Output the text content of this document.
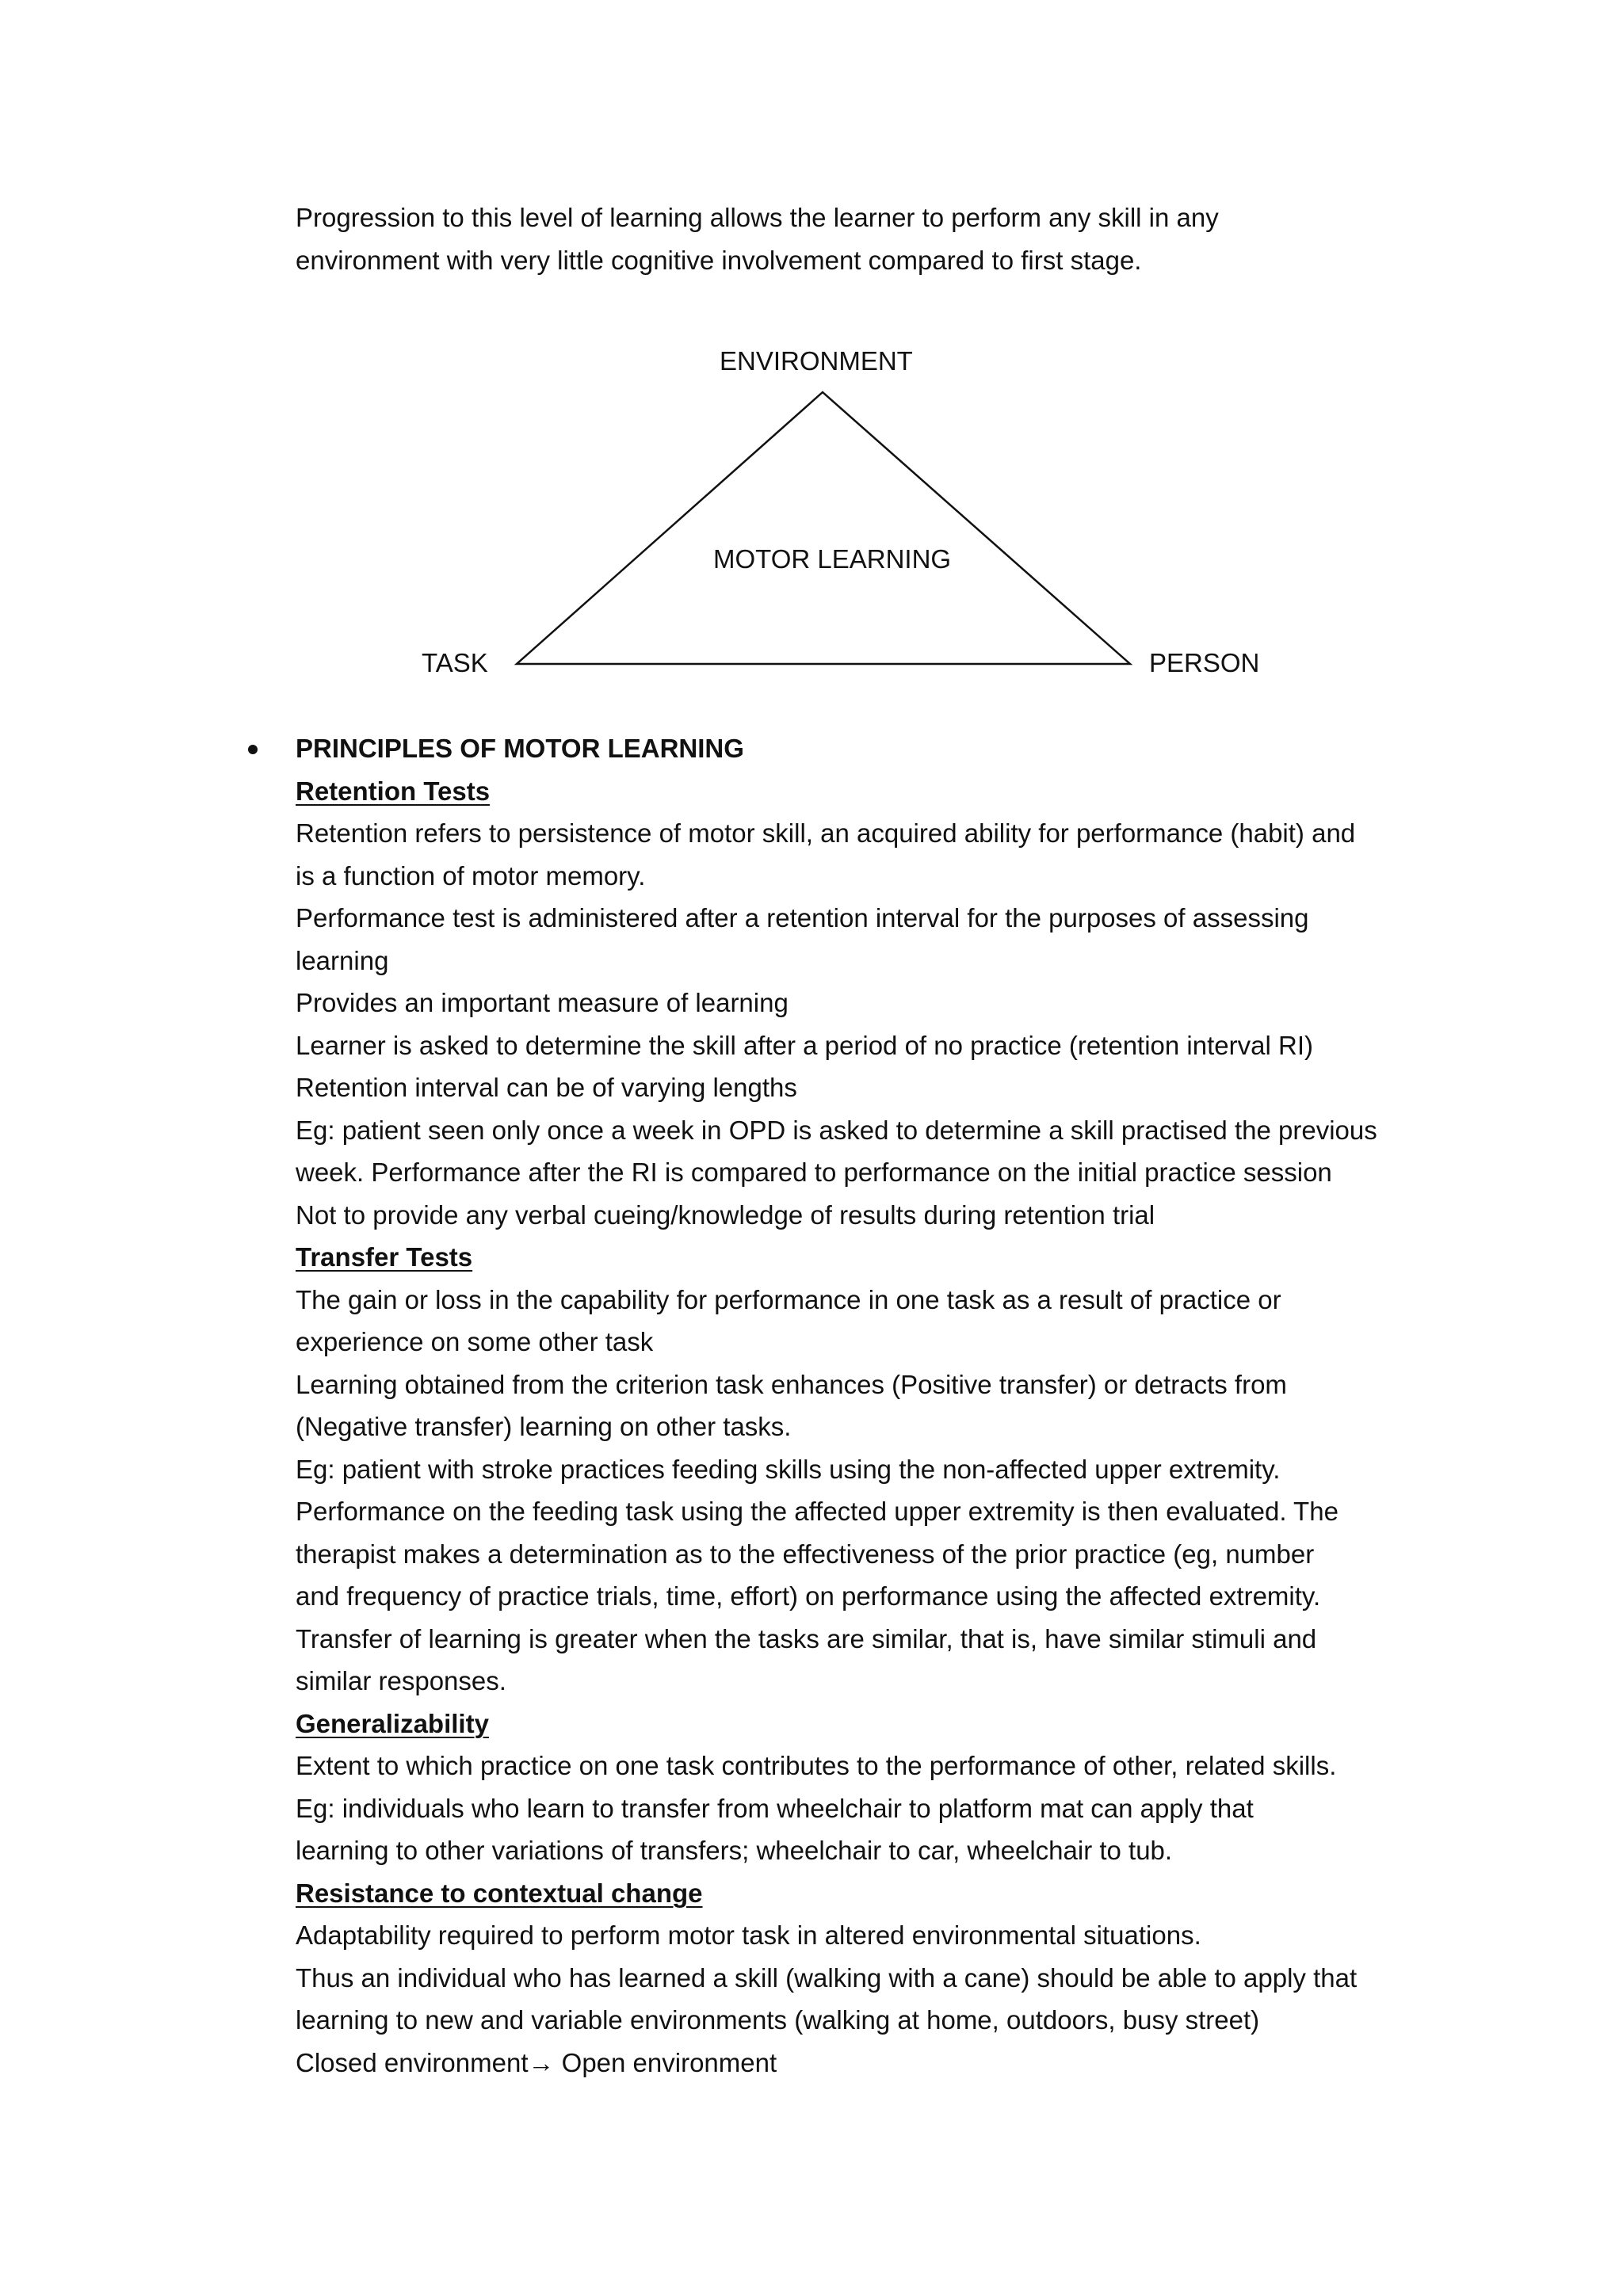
Progression to this level of learning allows the learner to perform any skill in any

environment with very little cognitive involvement compared to first stage.

ENVIRONMENT

MOTOR LEARNING

TASK	PERSON

PRINCIPLES OF MOTOR LEARNING

Retention Tests

Retention refers to persistence of motor skill, an acquired ability for performance (habit) and

is a function of motor memory.

Performance test is administered after a retention interval for the purposes of assessing

learning

Provides an important measure of learning

Learner is asked to determine the skill after a period of no practice (retention interval RI)

Retention interval can be of varying lengths

Eg: patient seen only once a week in OPD is asked to determine a skill practised the previous

week. Performance after the RI is compared to performance on the initial practice session

Not to provide any verbal cueing/knowledge of results during retention trial

Transfer Tests

The gain or loss in the capability for performance in one task as a result of practice or

experience on some other task

Learning obtained from the criterion task enhances (Positive transfer) or detracts from

(Negative transfer) learning on other tasks.

Eg: patient with stroke practices feeding skills using the non-affected upper extremity.

Performance on the feeding task using the affected upper extremity is then evaluated. The

therapist makes a determination as to the effectiveness of the prior practice (eg, number

and frequency of practice trials, time, effort) on performance using the affected extremity.

Transfer of learning is greater when the tasks are similar, that is, have similar stimuli and

similar responses.

Generalizability

Extent to which practice on one task contributes to the performance of other, related skills.

Eg: individuals who learn to transfer from wheelchair to platform mat can apply that

learning to other variations of transfers; wheelchair to car, wheelchair to tub.

Resistance to contextual change

Adaptability required to perform motor task in altered environmental situations.

Thus an individual who has learned a skill (walking with a cane) should be able to apply that

learning to new and variable environments (walking at home, outdoors, busy street)

Closed environment→ Open environment
